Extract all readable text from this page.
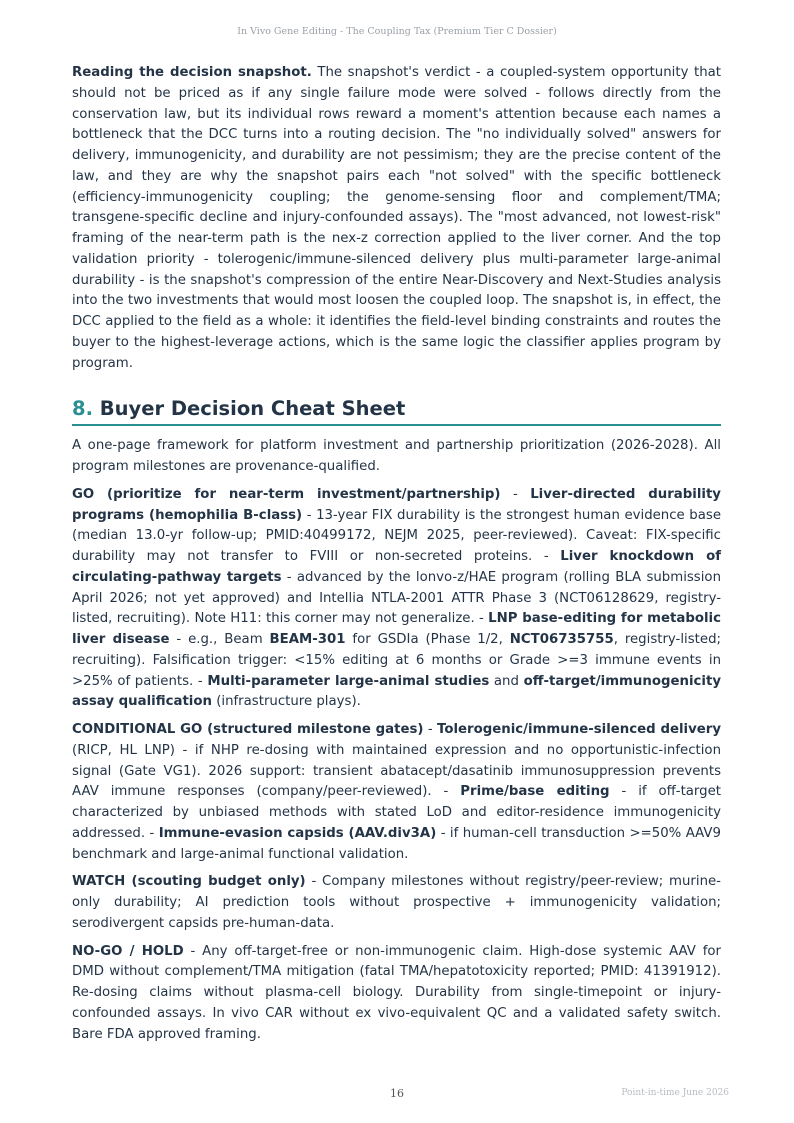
In Vivo Gene Editing - The Coupling Tax (Premium Tier C Dossier)

Reading the decision snapshot. The snapshot's verdict - a coupled-system opportunity that should not be priced as if any single failure mode were solved - follows directly from the conservation law, but its individual rows reward a moment's attention because each names a bottleneck that the DCC turns into a routing decision. The "no individually solved" answers for delivery, immunogenicity, and durability are not pessimism; they are the precise content of the law, and they are why the snapshot pairs each "not solved" with the specific bottleneck (efficiency-immunogenicity coupling; the genome-sensing floor and complement/TMA; transgene-specific decline and injury-confounded assays). The "most advanced, not lowest-risk" framing of the near-term path is the nex-z correction applied to the liver corner. And the top validation priority - tolerogenic/immune-silenced delivery plus multi-parameter large-animal durability - is the snapshot's compression of the entire Near-Discovery and Next-Studies analysis into the two investments that would most loosen the coupled loop. The snapshot is, in effect, the DCC applied to the field as a whole: it identifies the field-level binding constraints and routes the buyer to the highest-leverage actions, which is the same logic the classifier applies program by program.

8. Buyer Decision Cheat Sheet

A one-page framework for platform investment and partnership prioritization (2026-2028). All program milestones are provenance-qualified.

GO (prioritize for near-term investment/partnership) - Liver-directed durability programs (hemophilia B-class) - 13-year FIX durability is the strongest human evidence base (median 13.0-yr follow-up; PMID:40499172, NEJM 2025, peer-reviewed). Caveat: FIX-specific durability may not transfer to FVIII or non-secreted proteins. - Liver knockdown of circulating-pathway targets - advanced by the lonvo-z/HAE program (rolling BLA submission April 2026; not yet approved) and Intellia NTLA-2001 ATTR Phase 3 (NCT06128629, registry-listed, recruiting). Note H11: this corner may not generalize. - LNP base-editing for metabolic liver disease - e.g., Beam BEAM-301 for GSDIa (Phase 1/2, NCT06735755, registry-listed; recruiting). Falsification trigger: <15% editing at 6 months or Grade >=3 immune events in >25% of patients. - Multi-parameter large-animal studies and off-target/immunogenicity assay qualification (infrastructure plays).

CONDITIONAL GO (structured milestone gates) - Tolerogenic/immune-silenced delivery (RICP, HL LNP) - if NHP re-dosing with maintained expression and no opportunistic-infection signal (Gate VG1). 2026 support: transient abatacept/dasatinib immunosuppression prevents AAV immune responses (company/peer-reviewed). - Prime/base editing - if off-target characterized by unbiased methods with stated LoD and editor-residence immunogenicity addressed. - Immune-evasion capsids (AAV.div3A) - if human-cell transduction >=50% AAV9 benchmark and large-animal functional validation.

WATCH (scouting budget only) - Company milestones without registry/peer-review; murine-only durability; AI prediction tools without prospective + immunogenicity validation; serodivergent capsids pre-human-data.

NO-GO / HOLD - Any off-target-free or non-immunogenic claim. High-dose systemic AAV for DMD without complement/TMA mitigation (fatal TMA/hepatotoxicity reported; PMID: 41391912). Re-dosing claims without plasma-cell biology. Durability from single-timepoint or injury-confounded assays. In vivo CAR without ex vivo-equivalent QC and a validated safety switch. Bare FDA approved framing.

16	Point-in-time June 2026
